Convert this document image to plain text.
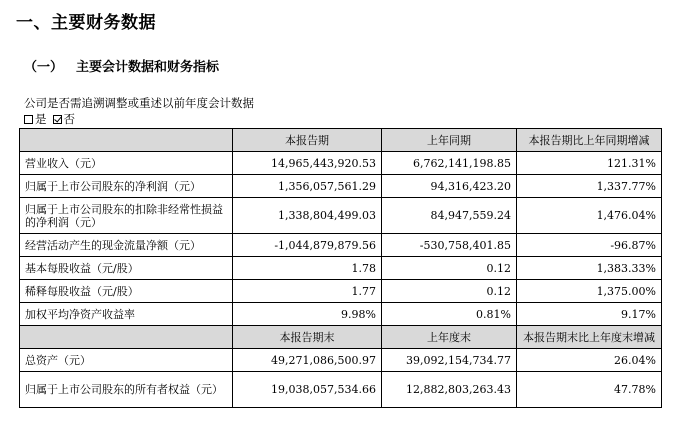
一、主要财务数据
（一） 主要会计数据和财务指标
公司是否需追溯调整或重述以前年度会计数据
是 否
	本报告期	上年同期	本报告期比上年同期增减
营业收入（元）	14,965,443,920.53	6,762,141,198.85	121.31%
归属于上市公司股东的净利润（元）	1,356,057,561.29	94,316,423.20	1,337.77%
归属于上市公司股东的扣除非经常性损益的净利润（元）	1,338,804,499.03	84,947,559.24	1,476.04%
经营活动产生的现金流量净额（元）	-1,044,879,879.56	-530,758,401.85	-96.87%
基本每股收益（元/股）	1.78	0.12	1,383.33%
稀释每股收益（元/股）	1.77	0.12	1,375.00%
加权平均净资产收益率	9.98%	0.81%	9.17%
	本报告期末	上年度末	本报告期末比上年度末增减
总资产（元）	49,271,086,500.97	39,092,154,734.77	26.04%
归属于上市公司股东的所有者权益（元）	19,038,057,534.66	12,882,803,263.43	47.78%
